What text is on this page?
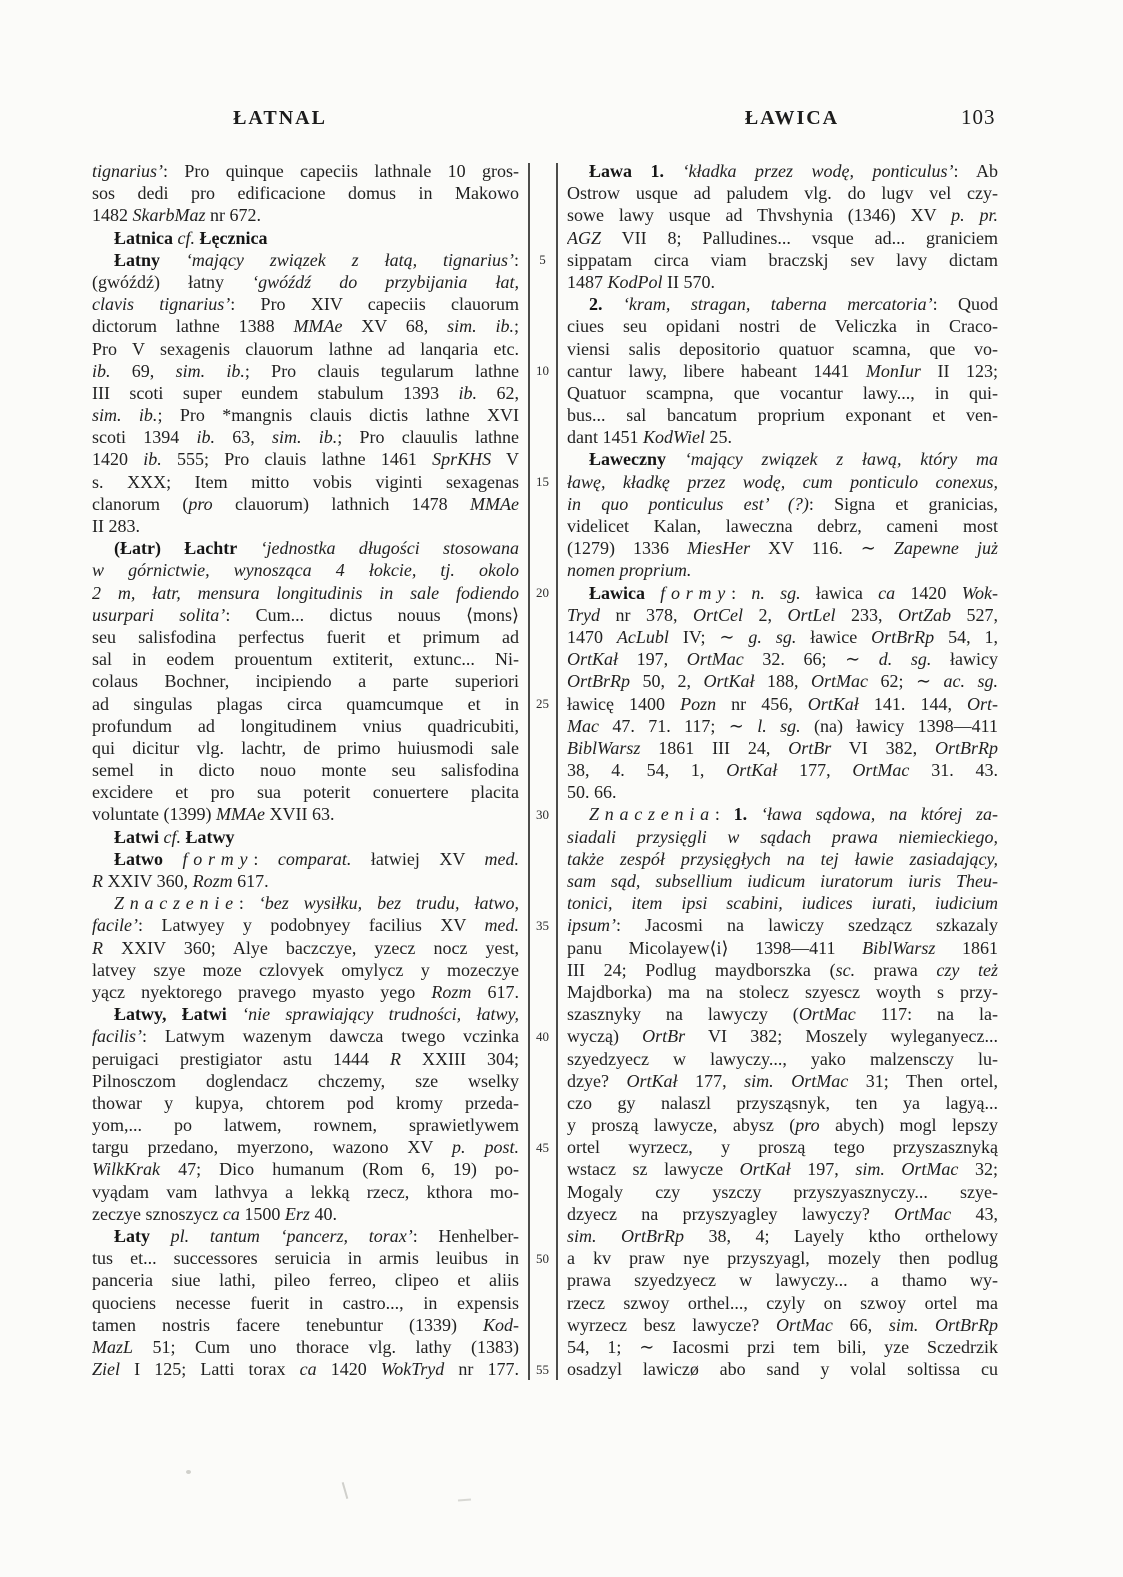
ŁATNAL	ŁAWICA	103
tignarius’: Pro quinque capeciis lathnale 10 gros-
sos dedi pro edificacione domus in Makowo
1482 SkarbMaz nr 672.
Łatnica cf. Łęcznica
Łatny ‘mający związek z łatą, tignarius’:
(gwóźdź) łatny ‘gwóźdź do przybijania łat,
clavis tignarius’: Pro XIV capeciis clauorum
dictorum lathne 1388 MMAe XV 68, sim. ib.;
Pro V sexagenis clauorum lathne ad lanqaria etc.
ib. 69, sim. ib.; Pro clauis tegularum lathne
III scoti super eundem stabulum 1393 ib. 62,
sim. ib.; Pro *mangnis clauis dictis lathne XVI
scoti 1394 ib. 63, sim. ib.; Pro clauulis lathne
1420 ib. 555; Pro clauis lathne 1461 SprKHS V
s. XXX; Item mitto vobis viginti sexagenas
clanorum (pro clauorum) lathnich 1478 MMAe
II 283.
(Łatr) Łachtr ‘jednostka długości stosowana
w górnictwie, wynosząca 4 łokcie, tj. okolo
2 m, łatr, mensura longitudinis in sale fodiendo
usurpari solita’: Cum... dictus nouus ⟨mons⟩
seu salisfodina perfectus fuerit et primum ad
sal in eodem prouentum extiterit, extunc... Ni-
colaus Bochner, incipiendo a parte superiori
ad singulas plagas circa quamcumque et in
profundum ad longitudinem vnius quadricubiti,
qui dicitur vlg. lachtr, de primo huiusmodi sale
semel in dicto nouo monte seu salisfodina
excidere et pro sua poterit conuertere placita
voluntate (1399) MMAe XVII 63.
Łatwi cf. Łatwy
Łatwo formy: comparat. łatwiej XV med.
R XXIV 360, Rozm 617.
Znaczenie: ‘bez wysiłku, bez trudu, łatwo,
facile’: Latwyey y podobnyey facilius XV med.
R XXIV 360; Alye baczczye, yzecz nocz yest,
latvey szye moze czlovyek omylycz y mozeczye
yącz nyektorego pravego myasto yego Rozm 617.
Łatwy, Łatwi ‘nie sprawiający trudności, łatwy,
facilis’: Latwym wazenym dawcza twego vczinka
peruigaci prestigiator astu 1444 R XXIII 304;
Pilnosczom doglendacz chczemy, sze wselky
thowar y kupya, chtorem pod kromy przeda-
yom,... po latwem, rownem, sprawietlywem
targu przedano, myerzono, wazono XV p. post.
WilkKrak 47; Dico humanum (Rom 6, 19) po-
vyądam vam lathvya a lekką rzecz, kthora mo-
zeczye sznoszycz ca 1500 Erz 40.
Łaty pl. tantum ‘pancerz, torax’: Henhelber-
tus et... successores seruicia in armis leuibus in
panceria siue lathi, pileo ferreo, clipeo et aliis
quociens necesse fuerit in castro..., in expensis
tamen nostris facere tenebuntur (1339) Kod-
MazL 51; Cum uno thorace vlg. lathy (1383)
Ziel I 125; Latti torax ca 1420 WokTryd nr 177.
5
10
15
20
25
30
35
40
45
50
55
Ława 1. ‘kładka przez wodę, ponticulus’: Ab
Ostrow usque ad paludem vlg. do lugv vel czy-
sowe lawy usque ad Thvshynia (1346) XV p. pr.
AGZ VII 8; Palludines... vsque ad... graniciem
sippatam circa viam braczskj sev lavy dictam
1487 KodPol II 570.
2. ‘kram, stragan, taberna mercatoria’: Quod
ciues seu opidani nostri de Veliczka in Craco-
viensi salis depositorio quatuor scamna, que vo-
cantur lawy, libere habeant 1441 MonIur II 123;
Quatuor scampna, que vocantur lawy..., in qui-
bus... sal bancatum proprium exponant et ven-
dant 1451 KodWiel 25.
Ławeczny ‘mający związek z ławą, który ma
ławę, kładkę przez wodę, cum ponticulo conexus,
in quo ponticulus est’ (?): Signa et granicias,
videlicet Kalan, laweczna debrz, cameni most
(1279) 1336 MiesHer XV 116. ∼ Zapewne już
nomen proprium.
Ławica formy: n. sg. ławica ca 1420 Wok-
Tryd nr 378, OrtCel 2, OrtLel 233, OrtZab 527,
1470 AcLubl IV; ∼ g. sg. ławice OrtBrRp 54, 1,
OrtKał 197, OrtMac 32. 66; ∼ d. sg. ławicy
OrtBrRp 50, 2, OrtKał 188, OrtMac 62; ∼ ac. sg.
ławicę 1400 Pozn nr 456, OrtKał 141. 144, Ort-
Mac 47. 71. 117; ∼ l. sg. (na) ławicy 1398—411
BiblWarsz 1861 III 24, OrtBr VI 382, OrtBrRp
38, 4. 54, 1, OrtKał 177, OrtMac 31. 43.
50. 66.
Znaczenia: 1. ‘ława sądowa, na której za-
siadali przysięgli w sądach prawa niemieckiego,
także zespół przysięgłych na tej ławie zasiadający,
sam sąd, subsellium iudicum iuratorum iuris Theu-
tonici, item ipsi scabini, iudices iurati, iudicium
ipsum’: Jacosmi na lawiczy szedzącz szkazaly
panu Micolayew⟨i⟩ 1398—411 BiblWarsz 1861
III 24; Podlug maydborszka (sc. prawa czy też
Majdborka) ma na stolecz szyescz woyth s przy-
szasznyky na lawyczy (OrtMac 117: na la-
wyczą) OrtBr VI 382; Moszely wyleganyecz...
szyedzyecz w lawyczy..., yako malzensczy lu-
dzye? OrtKał 177, sim. OrtMac 31; Then ortel,
czo gy nalaszl przysząsnyk, ten ya lagyą...
y proszą lawycze, abysz (pro abych) mogl lepszy
ortel wyrzecz, y proszą tego przyszasznyką
wstacz sz lawycze OrtKał 197, sim. OrtMac 32;
Mogaly czy yszczy przyszyasznyczy... szye-
dzyecz na przyszyagley lawyczy? OrtMac 43,
sim. OrtBrRp 38, 4; Layely ktho orthelowy
a kv praw nye przyszyagl, mozely then podlug
prawa szyedzyecz w lawyczy... a thamo wy-
rzecz szwoy orthel..., czyly on szwoy ortel ma
wyrzecz besz lawycze? OrtMac 66, sim. OrtBrRp
54, 1; ∼ Iacosmi przi tem bili, yze Sczedrzik
osadzyl lawiczø abo sand y volal soltissa cu
